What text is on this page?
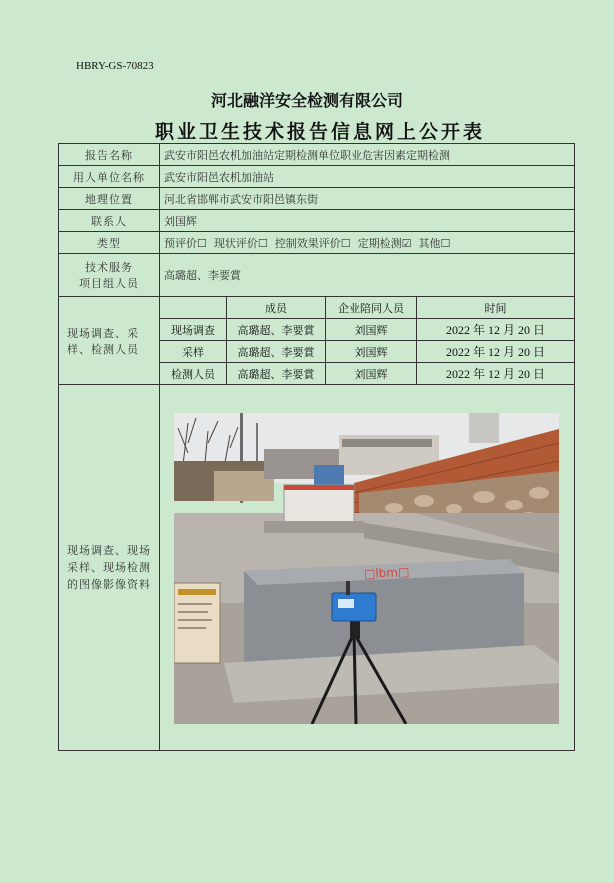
HBRY-GS-70823
河北融洋安全检测有限公司
职业卫生技术报告信息网上公开表
报告名称	武安市阳邑农机加油站定期检测单位职业危害因素定期检测			
用人单位名称	武安市阳邑农机加油站			
地理位置	河北省邯郸市武安市阳邑镇东街			
联系人	刘国辉			
类型	预评价☐ 现状评价☐ 控制效果评价☐ 定期检测☑ 其他☐			

技术服务
项目组人员	高璐超、李要賞			
现场调查、采样、检测人员		成员	企业陪同人员	时间
	现场调查	高璐超、李要賞	刘国辉	2022 年 12 月 20 日
	采样	高璐超、李要賞	刘国辉	2022 年 12 月 20 日
	检测人员	高璐超、李要賞	刘国辉	2022 年 12 月 20 日
现场调查、现场采样、现场检测的图像影像资料	□lbm□			
